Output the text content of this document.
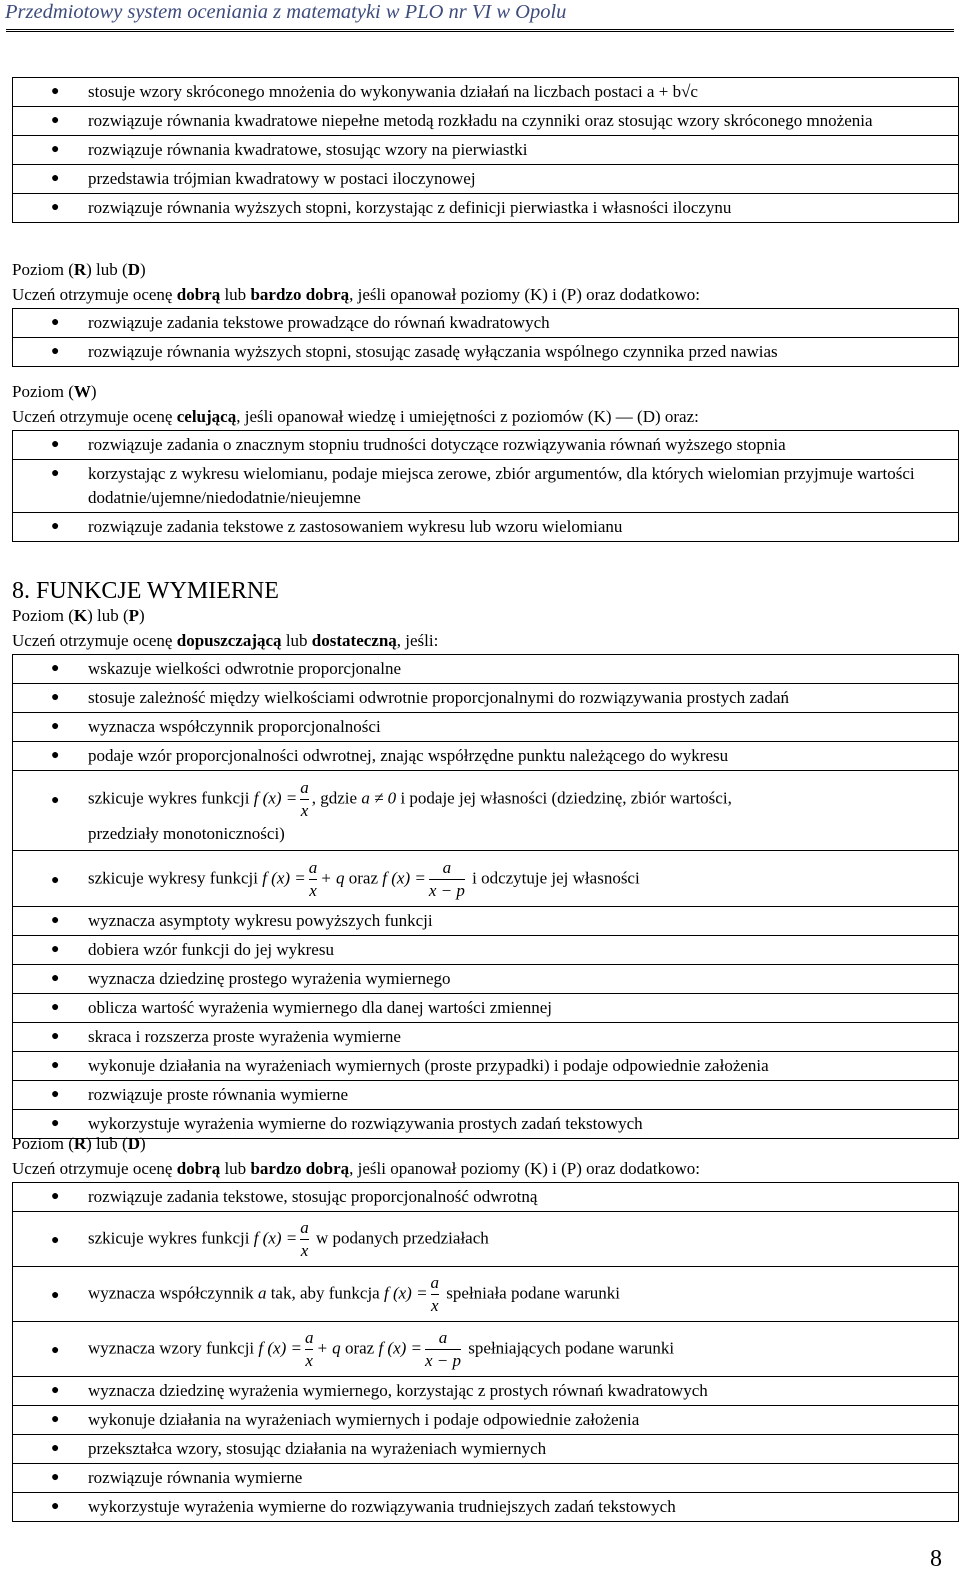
Przedmiotowy system oceniania z matematyki w PLO nr VI w Opolu
● stosuje wzory skróconego mnożenia do wykonywania działań na liczbach postaci a + b√c
● rozwiązuje równania kwadratowe niepełne metodą rozkładu na czynniki oraz stosując wzory skróconego mnożenia
● rozwiązuje równania kwadratowe, stosując wzory na pierwiastki
● przedstawia trójmian kwadratowy w postaci iloczynowej
● rozwiązuje równania wyższych stopni, korzystając z definicji pierwiastka i własności iloczynu
Poziom (R) lub (D)
Uczeń otrzymuje ocenę dobrą lub bardzo dobrą, jeśli opanował poziomy (K) i (P) oraz dodatkowo:
● rozwiązuje zadania tekstowe prowadzące do równań kwadratowych
● rozwiązuje równania wyższych stopni, stosując zasadę wyłączania wspólnego czynnika przed nawias
Poziom (W)
Uczeń otrzymuje ocenę celującą, jeśli opanował wiedzę i umiejętności z poziomów (K) — (D) oraz:
● rozwiązuje zadania o znacznym stopniu trudności dotyczące rozwiązywania równań wyższego stopnia
● korzystając z wykresu wielomianu, podaje miejsca zerowe, zbiór argumentów, dla których wielomian przyjmuje wartości dodatnie/ujemne/niedodatnie/nieujemne
● rozwiązuje zadania tekstowe z zastosowaniem wykresu lub wzoru wielomianu
8. FUNKCJE WYMIERNE
Poziom (K) lub (P)
Uczeń otrzymuje ocenę dopuszczającą lub dostateczną, jeśli:
● wskazuje wielkości odwrotnie proporcjonalne
● stosuje zależność między wielkościami odwrotnie proporcjonalnymi do rozwiązywania prostych zadań
● wyznacza współczynnik proporcjonalności
● podaje wzór proporcjonalności odwrotnej, znając współrzędne punktu należącego do wykresu
● szkicuje wykres funkcji f $(x) = \frac{a}{x}$ , gdzie a ≠ 0 i podaje jej własności (dziedzinę, zbiór wartości,
przedziały monotoniczności)
● szkicuje wykresy funkcji f $(x) = \frac{a}{x} + q$ oraz f $(x) = \frac{a}{x - p}$ i odczytuje jej własności
● wyznacza asymptoty wykresu powyższych funkcji
● dobiera wzór funkcji do jej wykresu
● wyznacza dziedzinę prostego wyrażenia wymiernego
● oblicza wartość wyrażenia wymiernego dla danej wartości zmiennej
● skraca i rozszerza proste wyrażenia wymierne
● wykonuje działania na wyrażeniach wymiernych (proste przypadki) i podaje odpowiednie założenia
● rozwiązuje proste równania wymierne
● wykorzystuje wyrażenia wymierne do rozwiązywania prostych zadań tekstowych
Poziom (R) lub (D)
Uczeń otrzymuje ocenę dobrą lub bardzo dobrą, jeśli opanował poziomy (K) i (P) oraz dodatkowo:
● rozwiązuje zadania tekstowe, stosując proporcjonalność odwrotną
● szkicuje wykres funkcji f $(x) = \frac{a}{x}$ w podanych przedziałach
● wyznacza współczynnik a tak, aby funkcja f $(x) = \frac{a}{x}$ spełniała podane warunki
● wyznacza wzory funkcji f $(x) = \frac{a}{x} + q$ oraz f $(x) = \frac{a}{x - p}$ spełniających podane warunki
● wyznacza dziedzinę wyrażenia wymiernego, korzystając z prostych równań kwadratowych
● wykonuje działania na wyrażeniach wymiernych i podaje odpowiednie założenia
● przekształca wzory, stosując działania na wyrażeniach wymiernych
● rozwiązuje równania wymierne
● wykorzystuje wyrażenia wymierne do rozwiązywania trudniejszych zadań tekstowych
8
